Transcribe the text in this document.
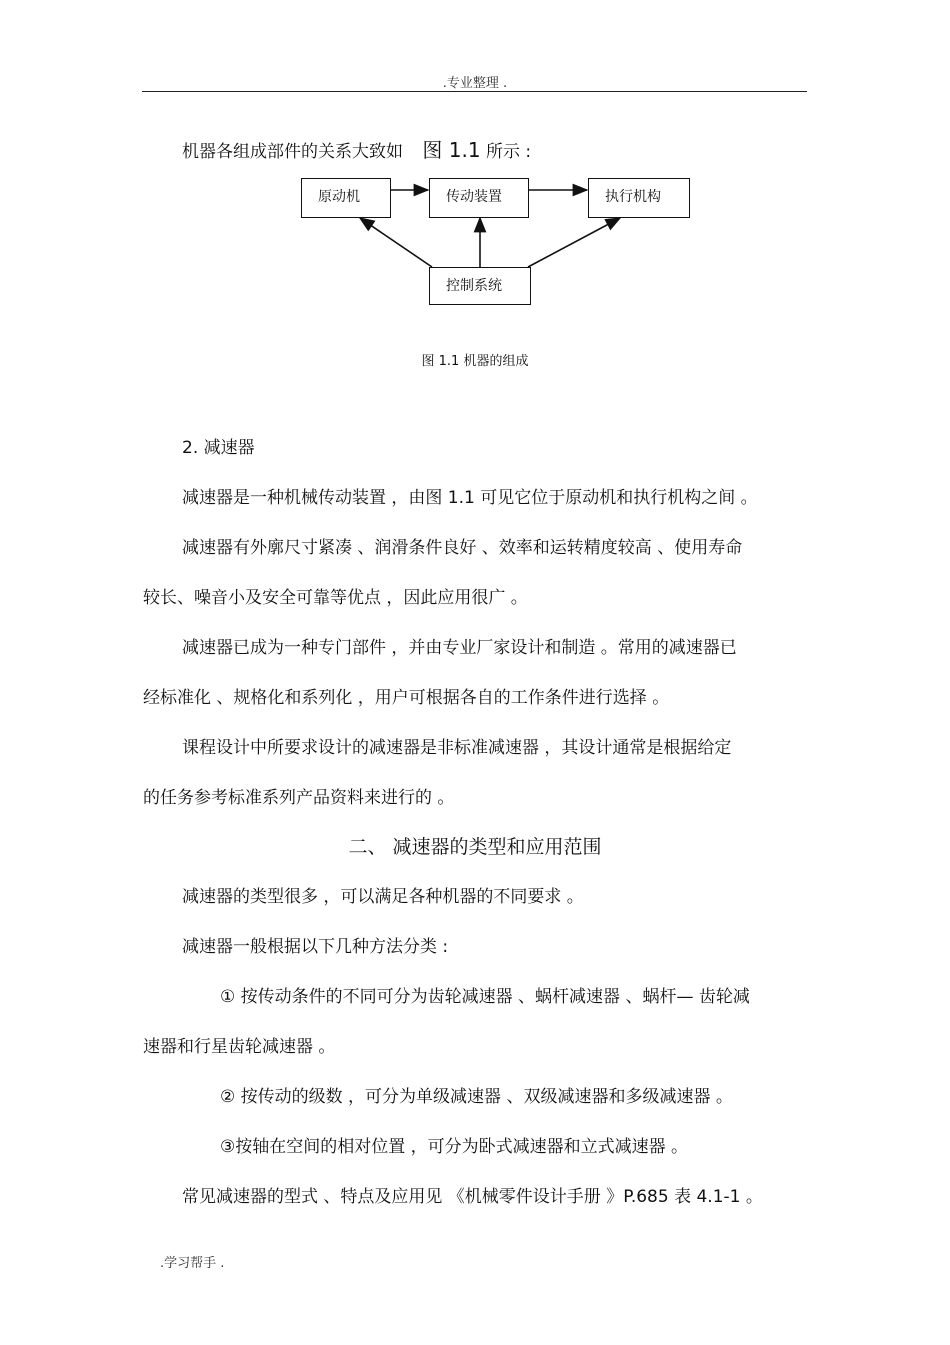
.专业整理 .
机器各组成部件的关系大致如 图 1.1 所示 :
原动机	传动装置	执行机构
控制系统
图 1.1 机器的组成
2. 减速器
减速器是一种机械传动装置 ，由图 1.1 可见它位于原动机和执行机构之间 。
减速器有外廓尺寸紧凑 、润滑条件良好 、效率和运转精度较高 、使用寿命
较长、噪音小及安全可靠等优点 ，因此应用很广 。
减速器已成为一种专门部件 ，并由专业厂家设计和制造 。常用的减速器已
经标准化 、规格化和系列化 ，用户可根据各自的工作条件进行选择 。
课程设计中所要求设计的减速器是非标准减速器 ，其设计通常是根据给定
的任务参考标准系列产品资料来进行的 。
二、 减速器的类型和应用范围
减速器的类型很多 ，可以满足各种机器的不同要求 。
减速器一般根据以下几种方法分类 :
① 按传动条件的不同可分为齿轮减速器 、蜗杆减速器 、蜗杆— 齿轮减
速器和行星齿轮减速器 。
② 按传动的级数 ，可分为单级减速器 、双级减速器和多级减速器 。
③按轴在空间的相对位置 ，可分为卧式减速器和立式减速器 。
常见减速器的型式 、特点及应用见 《机械零件设计手册 》P.685 表 4.1-1 。
.学习帮手 .
